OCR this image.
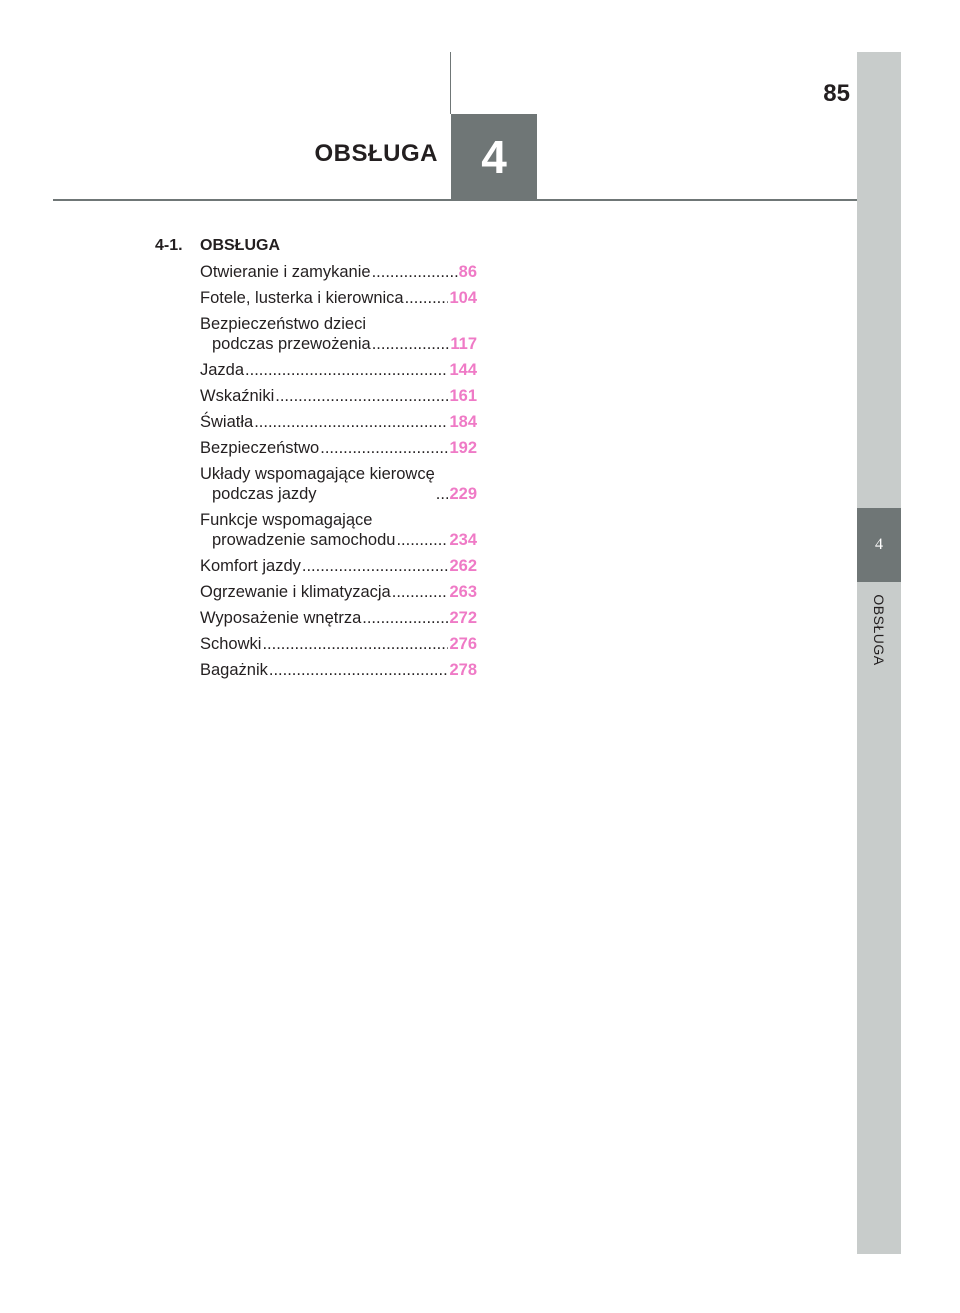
4
OBSŁUGA
85
4
OBSŁUGA
4-1.	OBSŁUGA
Otwieranie i zamykanie .....	86
Fotele, lusterka i kierownica .....	104
Bezpieczeństwo dzieci
podczas przewożenia .....	117
Jazda .....	144
Wskaźniki .....	161
Światła .....	184
Bezpieczeństwo .....	192
Układy wspomagające kierowcę
podczas jazdy .....	229
Funkcje wspomagające
prowadzenie samochodu .....	234
Komfort jazdy .....	262
Ogrzewanie i klimatyzacja .....	263
Wyposażenie wnętrza .....	272
Schowki .....	276
Bagażnik .....	278
